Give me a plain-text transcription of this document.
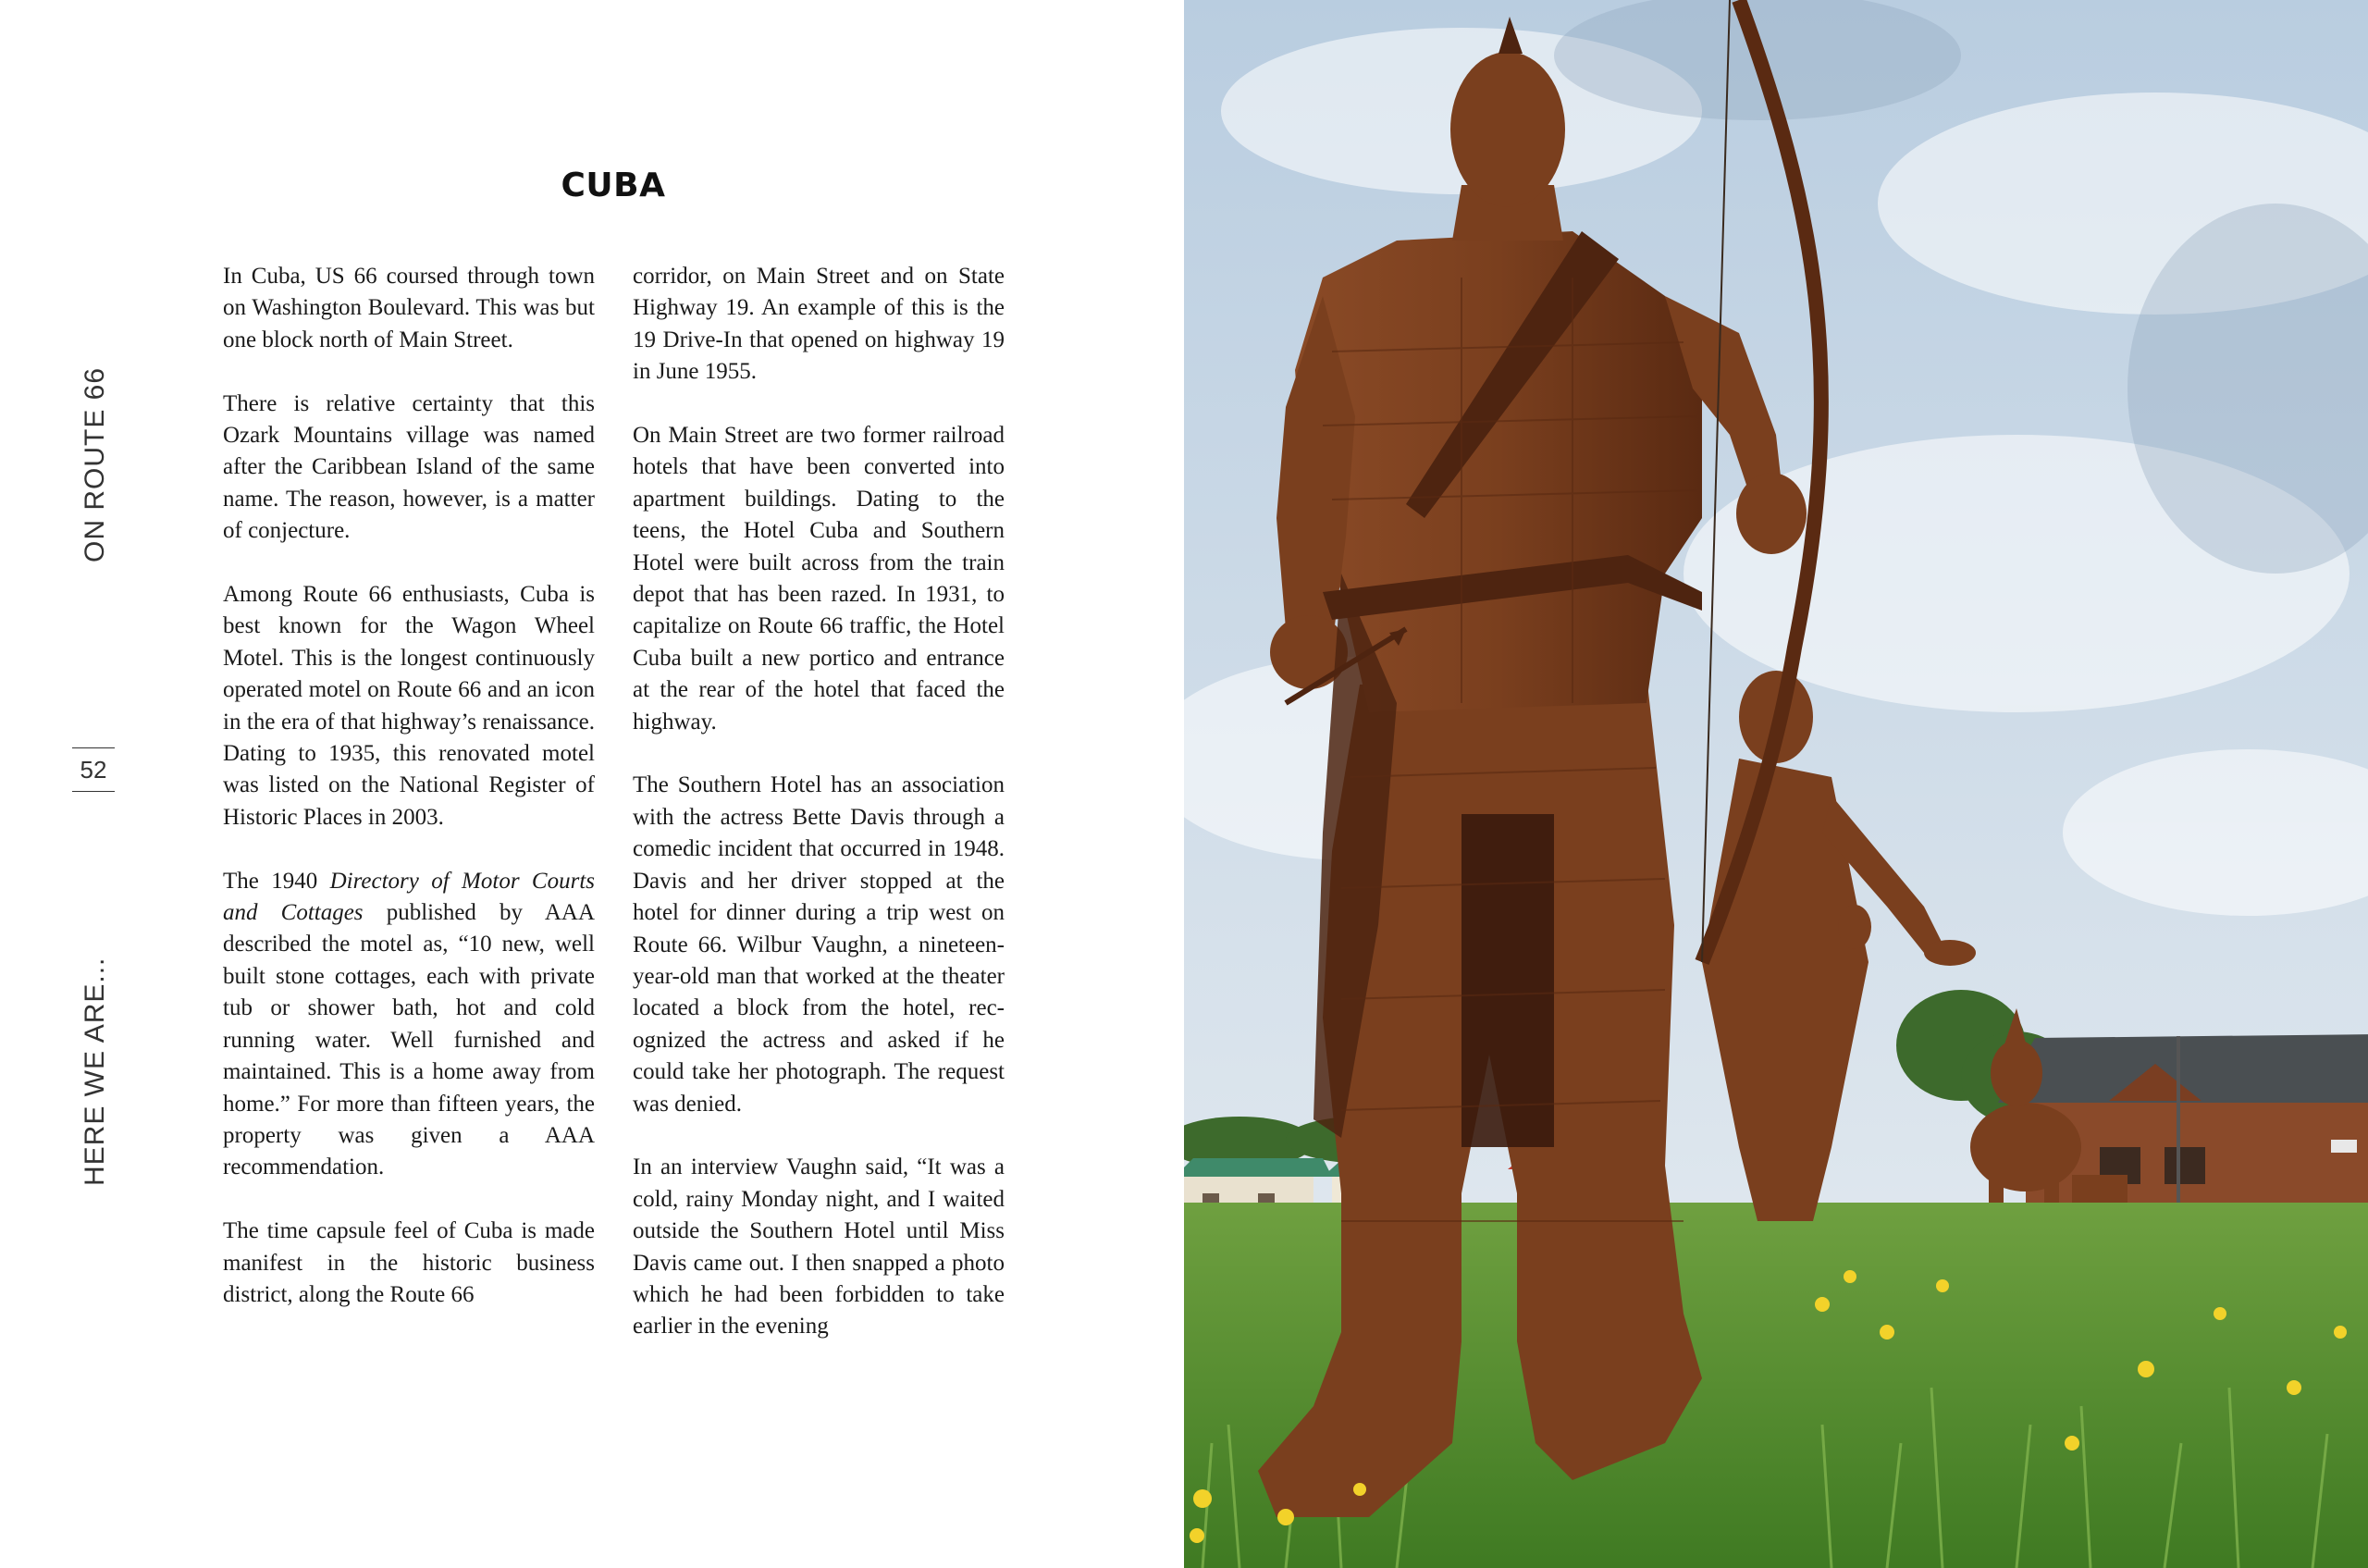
ON ROUTE 66
52
HERE WE ARE...
CUBA

In Cuba, US 66 coursed through town on Washington Boulevard. This was but one block north of Main Street.

There is relative certainty that this Ozark Mountains village was named after the Caribbean Island of the same name. The reason, however, is a matter of conjecture.

Among Route 66 enthusiasts, Cuba is best known for the Wagon Wheel Motel. This is the longest continuously operated motel on Route 66 and an icon in the era of that highway’s renaissance. Dating to 1935, this renovated motel was listed on the National Register of Historic Places in 2003.

The 1940 Directory of Motor Courts and Cottages published by AAA described the motel as, “10 new, well built stone cottages, each with private tub or shower bath, hot and cold running water. Well furnished and maintained. This is a home away from home.” For more than fifteen years, the property was given a AAA recommendation.

The time capsule feel of Cuba is made manifest in the historic business district, along the Route 66

corridor, on Main Street and on State Highway 19. An example of this is the 19 Drive-In that opened on highway 19 in June 1955.

On Main Street are two former railroad hotels that have been converted into apartment buildings. Dating to the teens, the Hotel Cuba and Southern Hotel were built across from the train depot that has been razed. In 1931, to capitalize on Route 66 traffic, the Hotel Cuba built a new portico and entrance at the rear of the hotel that faced the highway.

The Southern Hotel has an association with the actress Bette Davis through a comedic incident that occurred in 1948. Davis and her driver stopped at the hotel for dinner during a trip west on Route 66. Wilbur Vaughn, a nineteen-year-old man that worked at the theater located a block from the hotel, recognized the actress and asked if he could take her photograph. The request was denied.

In an interview Vaughn said, “It was a cold, rainy Monday night, and I waited outside the Southern Hotel until Miss Davis came out. I then snapped a photo which he had been forbidden to take earlier in the evening
